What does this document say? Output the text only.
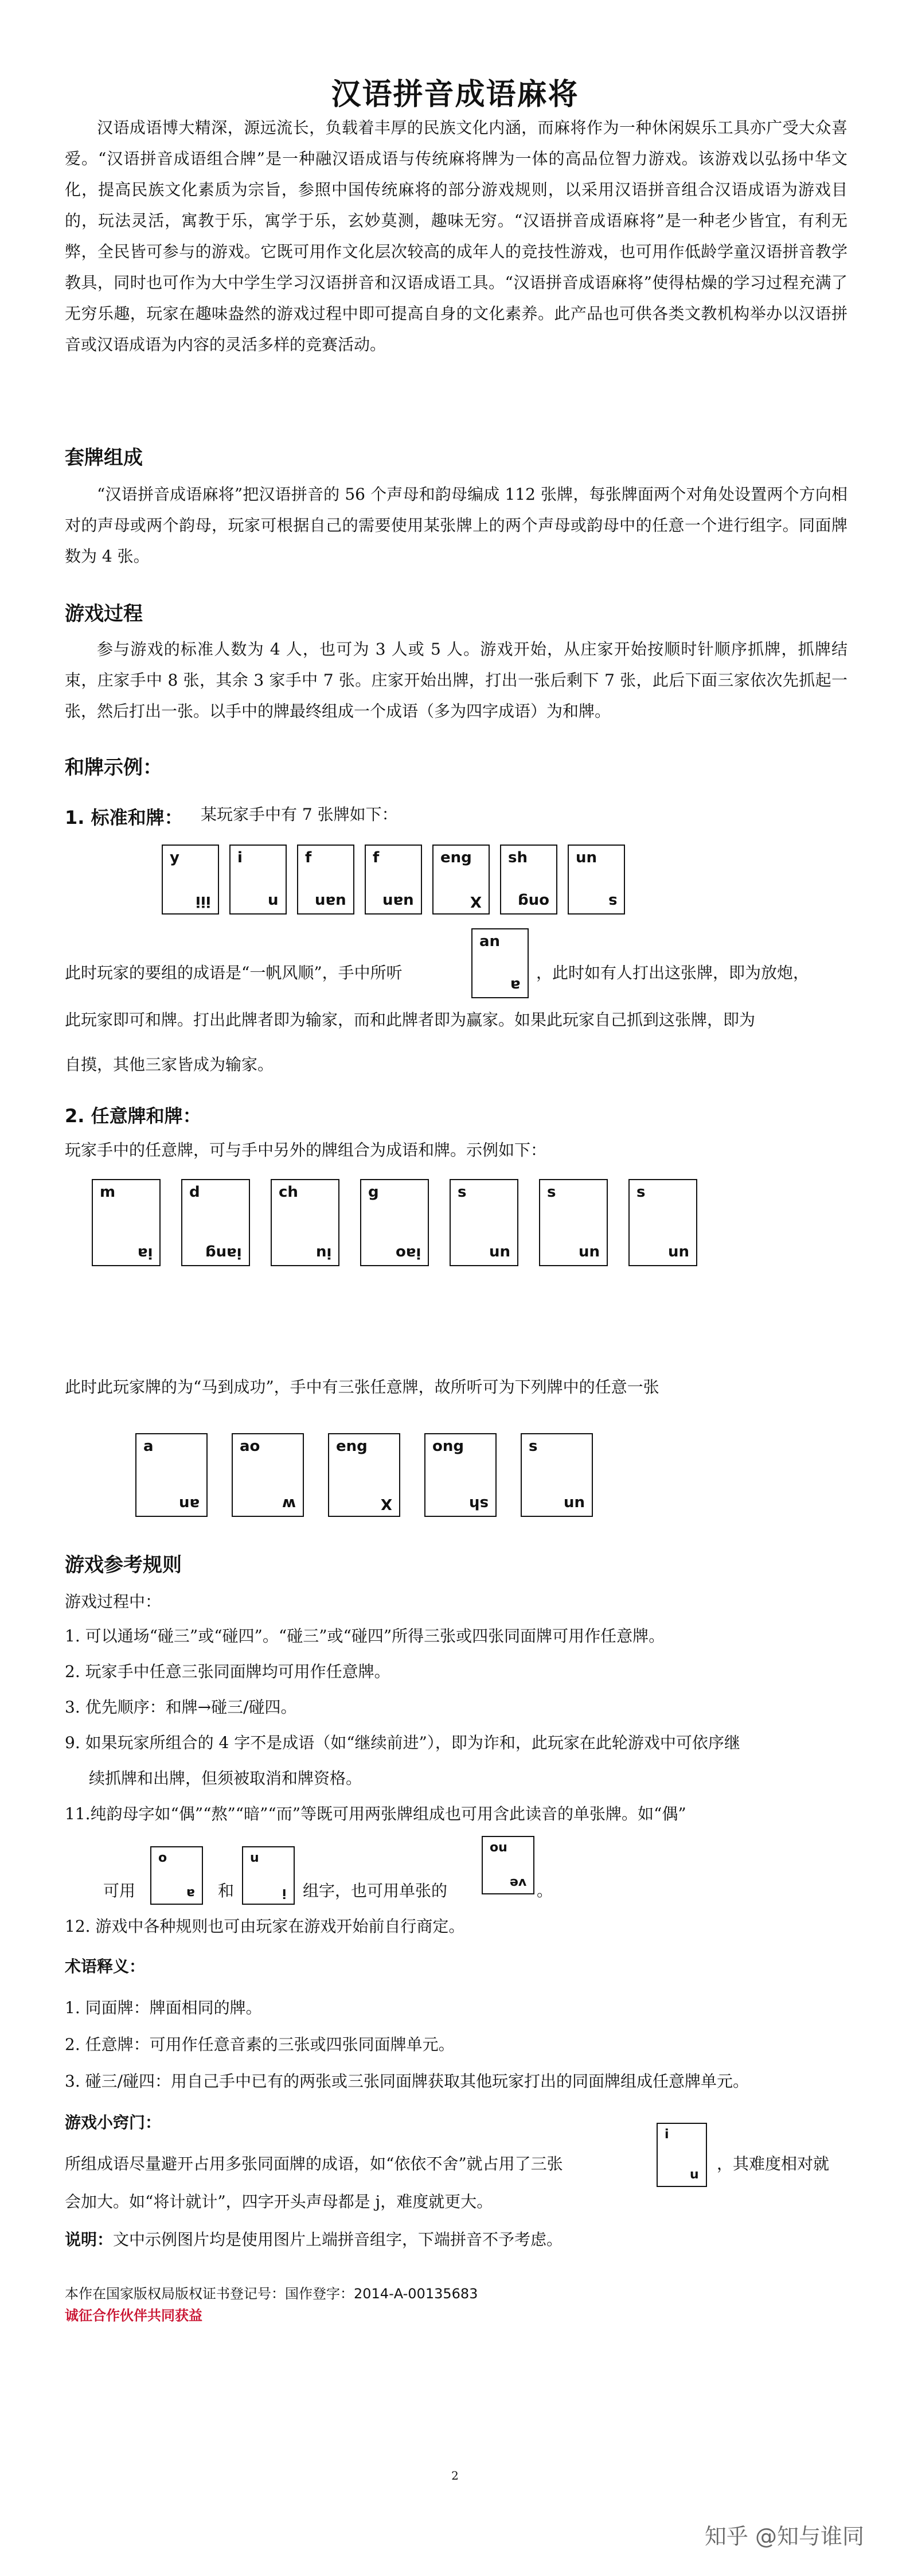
汉语拼音成语麻将
汉语成语博大精深，源远流长，负载着丰厚的民族文化内涵，而麻将作为一种休闲娱乐工具亦广受大众喜爱。“汉语拼音成语组合牌”是一种融汉语成语与传统麻将牌为一体的高品位智力游戏。该游戏以弘扬中华文化，提高民族文化素质为宗旨，参照中国传统麻将的部分游戏规则，以采用汉语拼音组合汉语成语为游戏目的，玩法灵活，寓教于乐，寓学于乐，玄妙莫测，趣味无穷。“汉语拼音成语麻将”是一种老少皆宜，有利无弊，全民皆可参与的游戏。它既可用作文化层次较高的成年人的竞技性游戏，也可用作低龄学童汉语拼音教学教具，同时也可作为大中学生学习汉语拼音和汉语成语工具。“汉语拼音成语麻将”使得枯燥的学习过程充满了无穷乐趣，玩家在趣味盎然的游戏过程中即可提高自身的文化素养。此产品也可供各类文教机构举办以汉语拼音或汉语成语为内容的灵活多样的竞赛活动。
套牌组成
“汉语拼音成语麻将”把汉语拼音的 56 个声母和韵母编成 112 张牌，每张牌面两个对角处设置两个方向相对的声母或两个韵母，玩家可根据自己的需要使用某张牌上的两个声母或韵母中的任意一个进行组字。同面牌数为 4 张。
游戏过程
参与游戏的标准人数为 4 人，也可为 3 人或 5 人。游戏开始，从庄家开始按顺时针顺序抓牌，抓牌结束，庄家手中 8 张，其余 3 家手中 7 张。庄家开始出牌，打出一张后剩下 7 张，此后下面三家依次先抓起一张，然后打出一张。以手中的牌最终组成一个成语（多为四字成语）为和牌。
和牌示例：
1. 标准和牌： 某玩家手中有 7 张牌如下：
y
iii
i
n
f
uan
f
uan
eng
X
sh
ong
un
s
此时玩家的要组的成语是“一帆风顺”，手中所听
an
a
，此时如有人打出这张牌，即为放炮，
此玩家即可和牌。打出此牌者即为输家，而和此牌者即为赢家。如果此玩家自己抓到这张牌，即为
自摸，其他三家皆成为输家。
2. 任意牌和牌：
玩家手中的任意牌，可与手中另外的牌组合为成语和牌。示例如下：
m
ia
d
iang
ch
iu
g
iao
s
un
s
un
s
un
此时此玩家牌的为“马到成功”，手中有三张任意牌，故所听可为下列牌中的任意一张
a
an
ao
w
eng
X
ong
sh
s
un
游戏参考规则
游戏过程中：
1. 可以通场“碰三”或“碰四”。“碰三”或“碰四”所得三张或四张同面牌可用作任意牌。
2. 玩家手中任意三张同面牌均可用作任意牌。
3. 优先顺序：和牌→碰三/碰四。
9. 如果玩家所组合的 4 字不是成语（如“继续前进”），即为诈和，此玩家在此轮游戏中可依序继
续抓牌和出牌，但须被取消和牌资格。
11.纯韵母字如“偶”“熬”“暗”“而”等既可用两张牌组成也可用含此读音的单张牌。如“偶”
可用
o
a 和
u
i 组字，也可用单张的
ou
ve 。
12. 游戏中各种规则也可由玩家在游戏开始前自行商定。
术语释义：
1. 同面牌：牌面相同的牌。
2. 任意牌：可用作任意音素的三张或四张同面牌单元。
3. 碰三/碰四：用自己手中已有的两张或三张同面牌获取其他玩家打出的同面牌组成任意牌单元。
游戏小窍门：
所组成语尽量避开占用多张同面牌的成语，如“依依不舍”就占用了三张
i
n
，其难度相对就
会加大。如“将计就计”，四字开头声母都是 j，难度就更大。
说明：文中示例图片均是使用图片上端拼音组字，下端拼音不予考虑。
本作在国家版权局版权证书登记号：国作登字：2014-A-00135683
诚征合作伙伴共同获益
2
知乎 @知与谁同
